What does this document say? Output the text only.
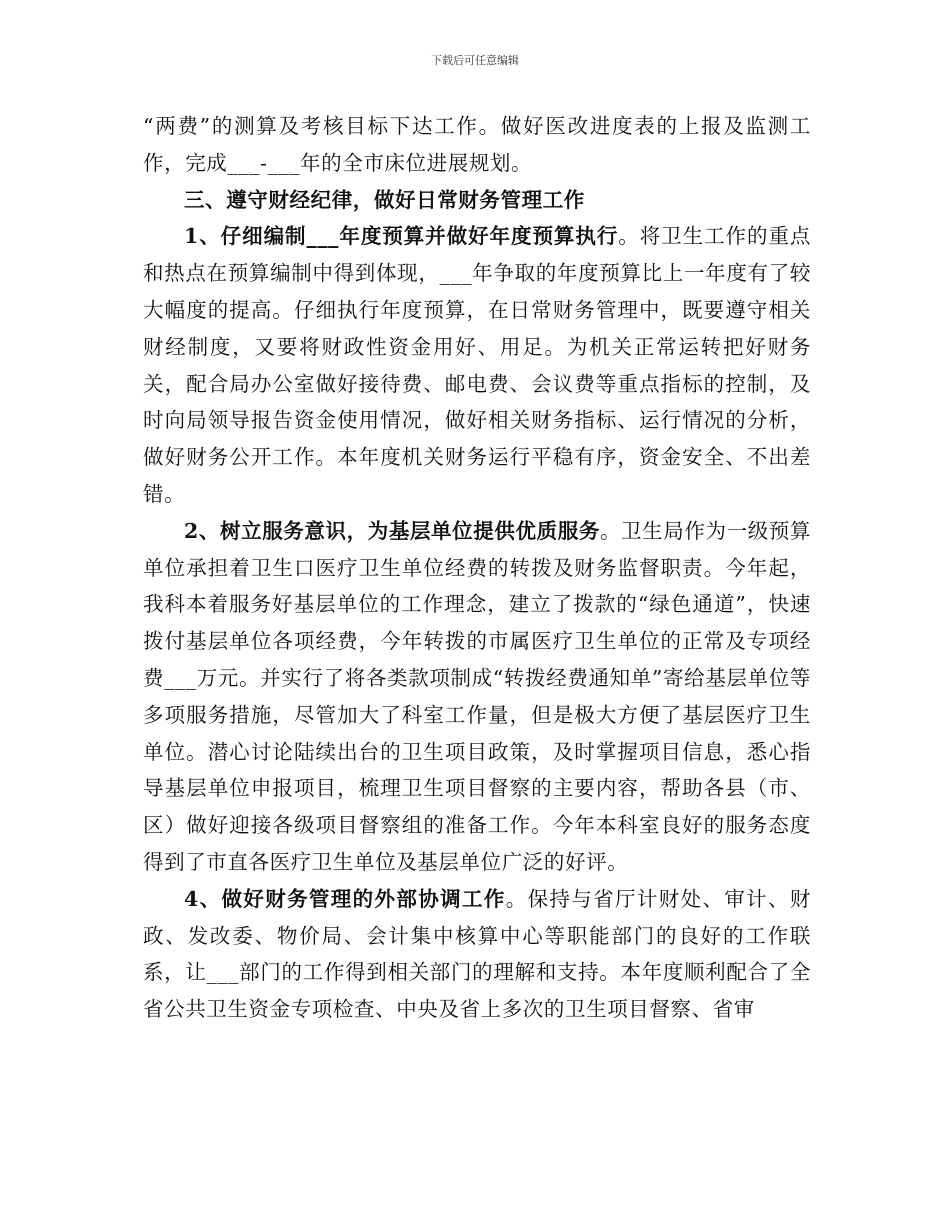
下载后可任意编辑

“两费”的测算及考核目标下达工作。做好医改进度表的上报及监测工作，完成___-___年的全市床位进展规划。

三、遵守财经纪律，做好日常财务管理工作

1、仔细编制___年度预算并做好年度预算执行。将卫生工作的重点和热点在预算编制中得到体现，___年争取的年度预算比上一年度有了较大幅度的提高。仔细执行年度预算，在日常财务管理中，既要遵守相关财经制度，又要将财政性资金用好、用足。为机关正常运转把好财务关，配合局办公室做好接待费、邮电费、会议费等重点指标的控制，及时向局领导报告资金使用情况，做好相关财务指标、运行情况的分析，做好财务公开工作。本年度机关财务运行平稳有序，资金安全、不出差错。

2、树立服务意识，为基层单位提供优质服务。卫生局作为一级预算单位承担着卫生口医疗卫生单位经费的转拨及财务监督职责。今年起，我科本着服务好基层单位的工作理念，建立了拨款的“绿色通道”，快速拨付基层单位各项经费，今年转拨的市属医疗卫生单位的正常及专项经费___万元。并实行了将各类款项制成“转拨经费通知单”寄给基层单位等多项服务措施，尽管加大了科室工作量，但是极大方便了基层医疗卫生单位。潜心讨论陆续出台的卫生项目政策，及时掌握项目信息，悉心指导基层单位申报项目，梳理卫生项目督察的主要内容，帮助各县（市、区）做好迎接各级项目督察组的准备工作。今年本科室良好的服务态度得到了市直各医疗卫生单位及基层单位广泛的好评。

4、做好财务管理的外部协调工作。保持与省厅计财处、审计、财政、发改委、物价局、会计集中核算中心等职能部门的良好的工作联系，让___部门的工作得到相关部门的理解和支持。本年度顺利配合了全省公共卫生资金专项检查、中央及省上多次的卫生项目督察、省审
